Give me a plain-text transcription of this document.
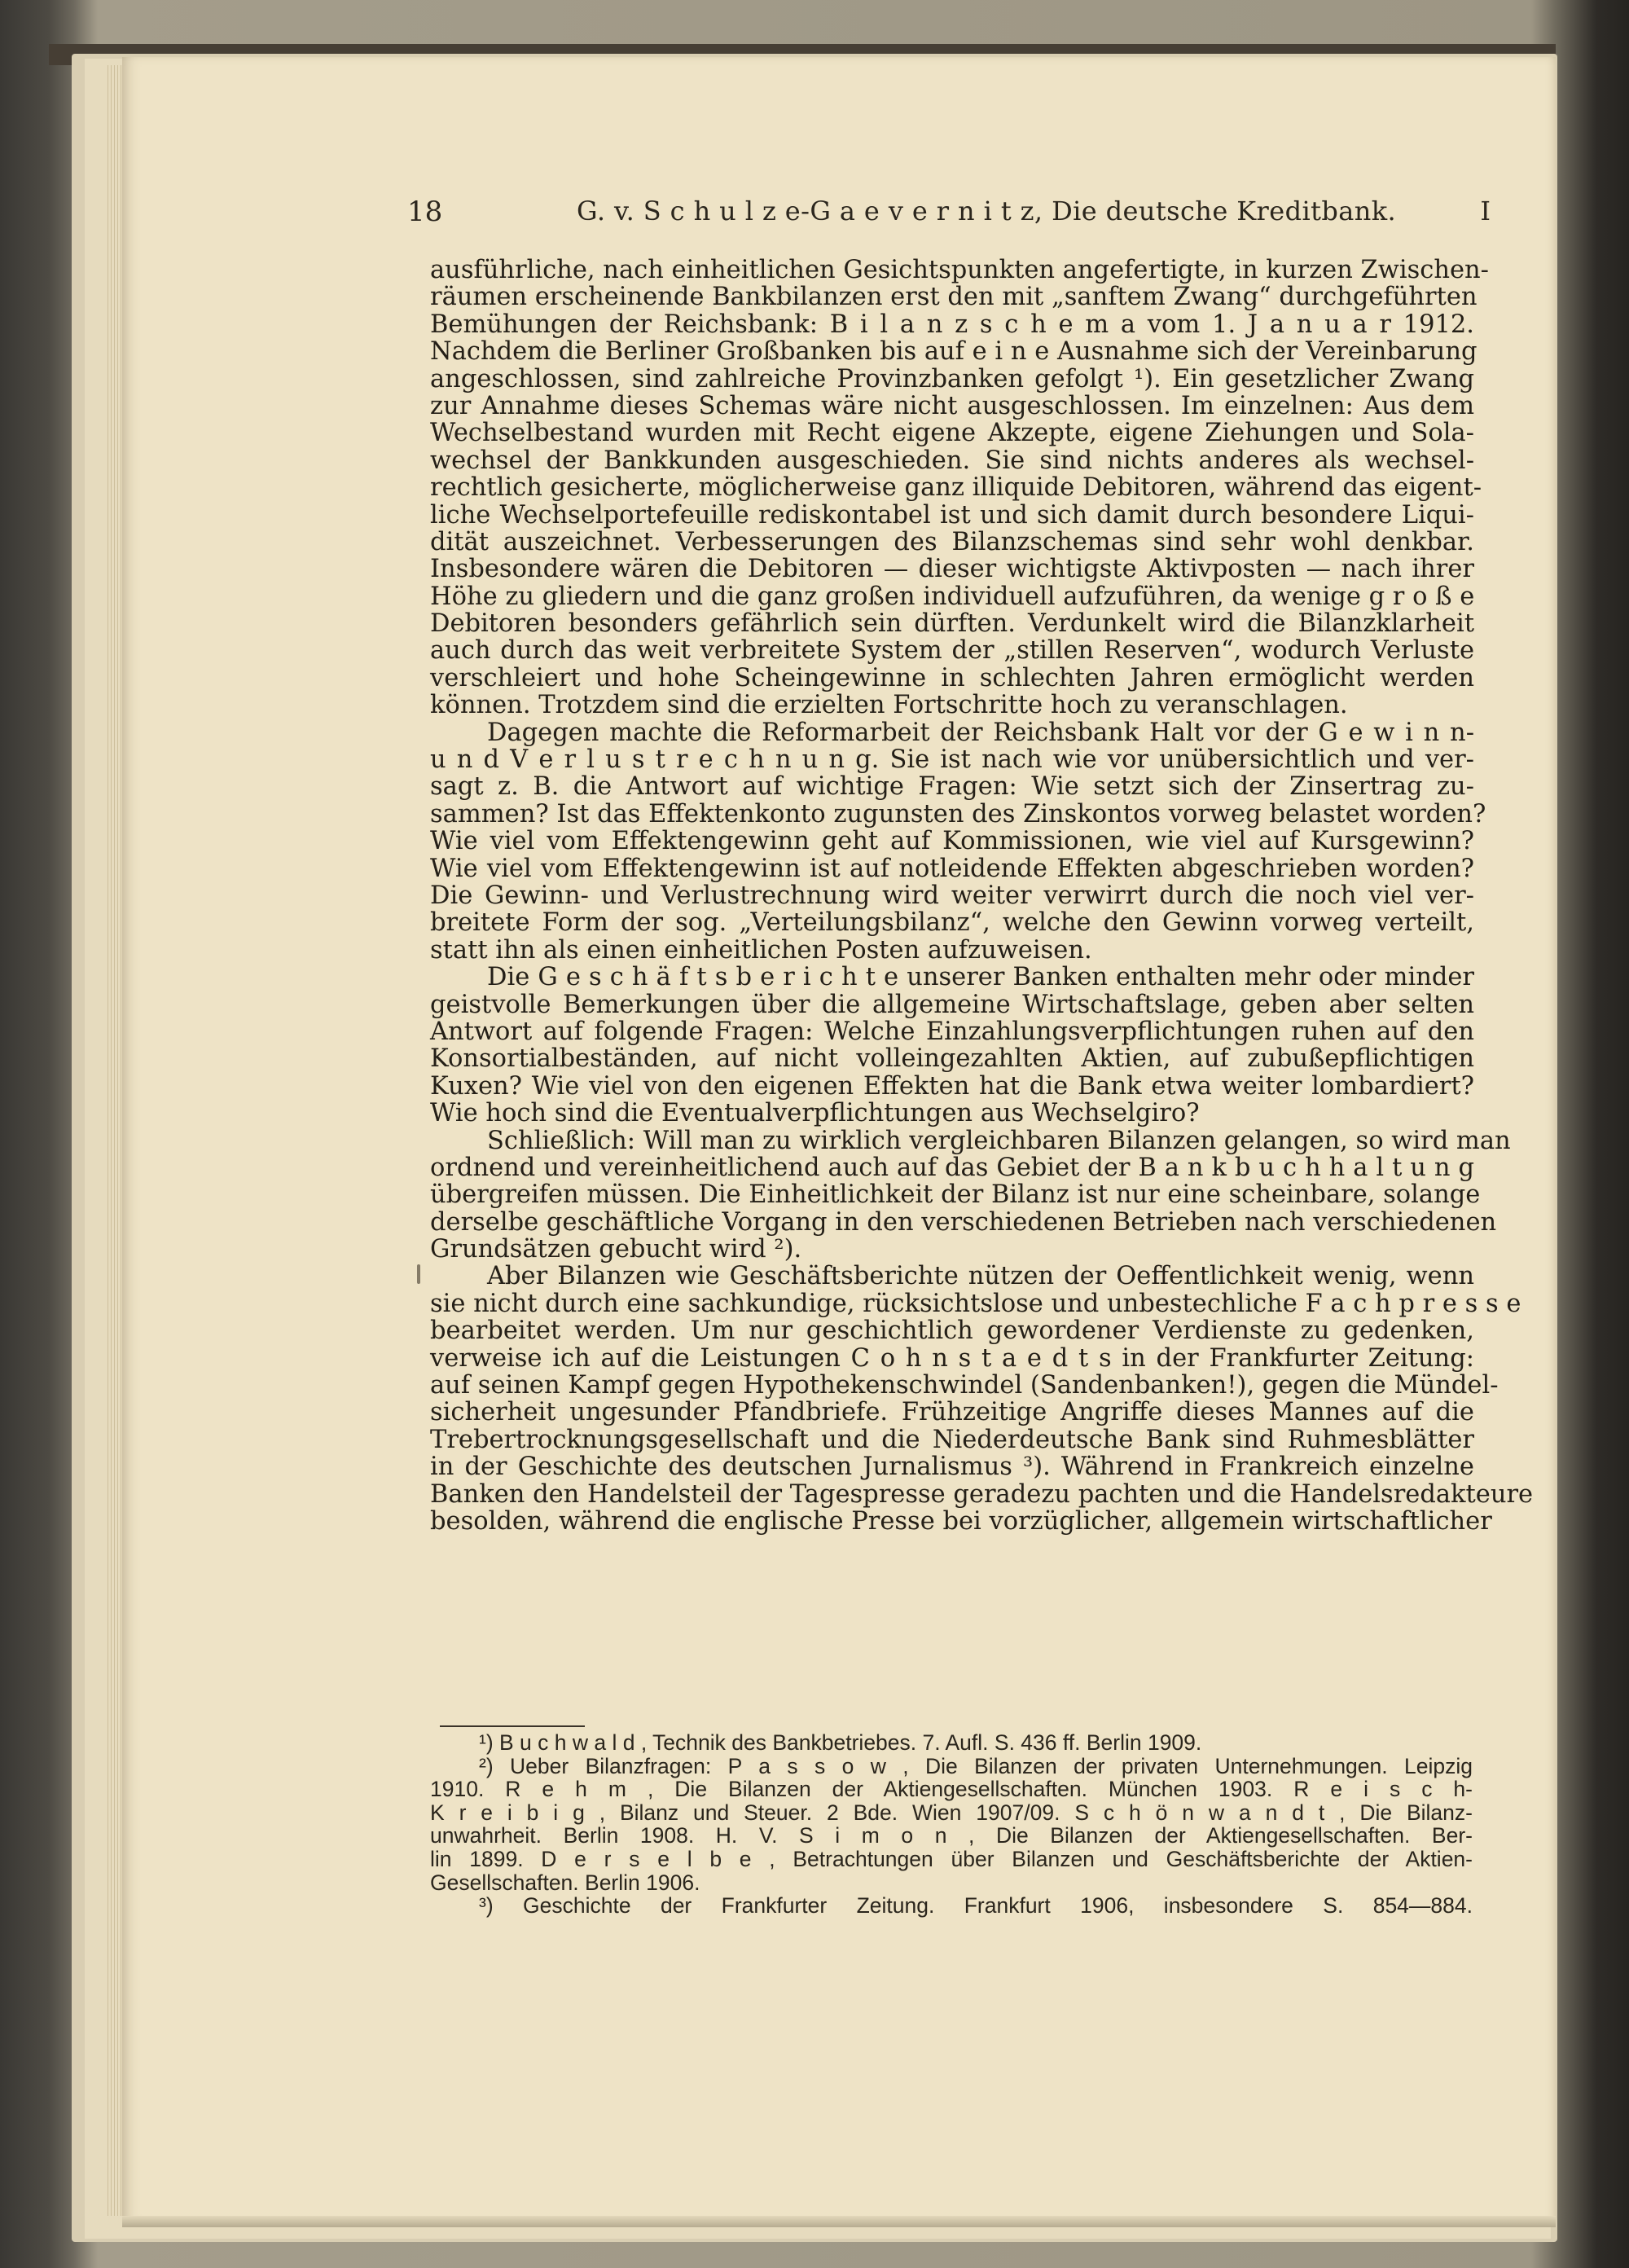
18	G. v. S c h u l z e-G a e v e r n i t z, Die deutsche Kreditbank.	I
ausführliche, nach einheitlichen Gesichtspunkten angefertigte, in kurzen Zwischen-
räumen erscheinende Bankbilanzen erst den mit „sanftem Zwang“ durchgeführten
Bemühungen der Reichsbank: B i l a n z s c h e m a vom 1. J a n u a r 1912.
Nachdem die Berliner Großbanken bis auf e i n e Ausnahme sich der Vereinbarung
angeschlossen, sind zahlreiche Provinzbanken gefolgt ¹). Ein gesetzlicher Zwang
zur Annahme dieses Schemas wäre nicht ausgeschlossen. Im einzelnen: Aus dem
Wechselbestand wurden mit Recht eigene Akzepte, eigene Ziehungen und Sola-
wechsel der Bankkunden ausgeschieden. Sie sind nichts anderes als wechsel-
rechtlich gesicherte, möglicherweise ganz illiquide Debitoren, während das eigent-
liche Wechselportefeuille rediskontabel ist und sich damit durch besondere Liqui-
dität auszeichnet. Verbesserungen des Bilanzschemas sind sehr wohl denkbar.
Insbesondere wären die Debitoren — dieser wichtigste Aktivposten — nach ihrer
Höhe zu gliedern und die ganz großen individuell aufzuführen, da wenige g r o ß e
Debitoren besonders gefährlich sein dürften. Verdunkelt wird die Bilanzklarheit
auch durch das weit verbreitete System der „stillen Reserven“, wodurch Verluste
verschleiert und hohe Scheingewinne in schlechten Jahren ermöglicht werden
können. Trotzdem sind die erzielten Fortschritte hoch zu veranschlagen.
Dagegen machte die Reformarbeit der Reichsbank Halt vor der G e w i n n-
u n d V e r l u s t r e c h n u n g. Sie ist nach wie vor unübersichtlich und ver-
sagt z. B. die Antwort auf wichtige Fragen: Wie setzt sich der Zinsertrag zu-
sammen? Ist das Effektenkonto zugunsten des Zinskontos vorweg belastet worden?
Wie viel vom Effektengewinn geht auf Kommissionen, wie viel auf Kursgewinn?
Wie viel vom Effektengewinn ist auf notleidende Effekten abgeschrieben worden?
Die Gewinn- und Verlustrechnung wird weiter verwirrt durch die noch viel ver-
breitete Form der sog. „Verteilungsbilanz“, welche den Gewinn vorweg verteilt,
statt ihn als einen einheitlichen Posten aufzuweisen.
Die G e s c h ä f t s b e r i c h t e unserer Banken enthalten mehr oder minder
geistvolle Bemerkungen über die allgemeine Wirtschaftslage, geben aber selten
Antwort auf folgende Fragen: Welche Einzahlungsverpflichtungen ruhen auf den
Konsortialbeständen, auf nicht volleingezahlten Aktien, auf zubußepflichtigen
Kuxen? Wie viel von den eigenen Effekten hat die Bank etwa weiter lombardiert?
Wie hoch sind die Eventualverpflichtungen aus Wechselgiro?
Schließlich: Will man zu wirklich vergleichbaren Bilanzen gelangen, so wird man
ordnend und vereinheitlichend auch auf das Gebiet der B a n k b u c h h a l t u n g
übergreifen müssen. Die Einheitlichkeit der Bilanz ist nur eine scheinbare, solange
derselbe geschäftliche Vorgang in den verschiedenen Betrieben nach verschiedenen
Grundsätzen gebucht wird ²).
Aber Bilanzen wie Geschäftsberichte nützen der Oeffentlichkeit wenig, wenn
sie nicht durch eine sachkundige, rücksichtslose und unbestechliche F a c h p r e s s e
bearbeitet werden. Um nur geschichtlich gewordener Verdienste zu gedenken,
verweise ich auf die Leistungen C o h n s t a e d t s in der Frankfurter Zeitung:
auf seinen Kampf gegen Hypothekenschwindel (Sandenbanken!), gegen die Mündel-
sicherheit ungesunder Pfandbriefe. Frühzeitige Angriffe dieses Mannes auf die
Trebertrocknungsgesellschaft und die Niederdeutsche Bank sind Ruhmesblätter
in der Geschichte des deutschen Jurnalismus ³). Während in Frankreich einzelne
Banken den Handelsteil der Tagespresse geradezu pachten und die Handelsredakteure
besolden, während die englische Presse bei vorzüglicher, allgemein wirtschaftlicher
¹) B u c h w a l d , Technik des Bankbetriebes. 7. Aufl. S. 436 ff. Berlin 1909.
²) Ueber Bilanzfragen: P a s s o w , Die Bilanzen der privaten Unternehmungen. Leipzig
1910. R e h m , Die Bilanzen der Aktiengesellschaften. München 1903. R e i s c h-
K r e i b i g , Bilanz und Steuer. 2 Bde. Wien 1907/09. S c h ö n w a n d t , Die Bilanz-
unwahrheit. Berlin 1908. H. V. S i m o n , Die Bilanzen der Aktiengesellschaften. Ber-
lin 1899. D e r s e l b e , Betrachtungen über Bilanzen und Geschäftsberichte der Aktien-
Gesellschaften. Berlin 1906.
³) Geschichte der Frankfurter Zeitung. Frankfurt 1906, insbesondere S. 854—884.
